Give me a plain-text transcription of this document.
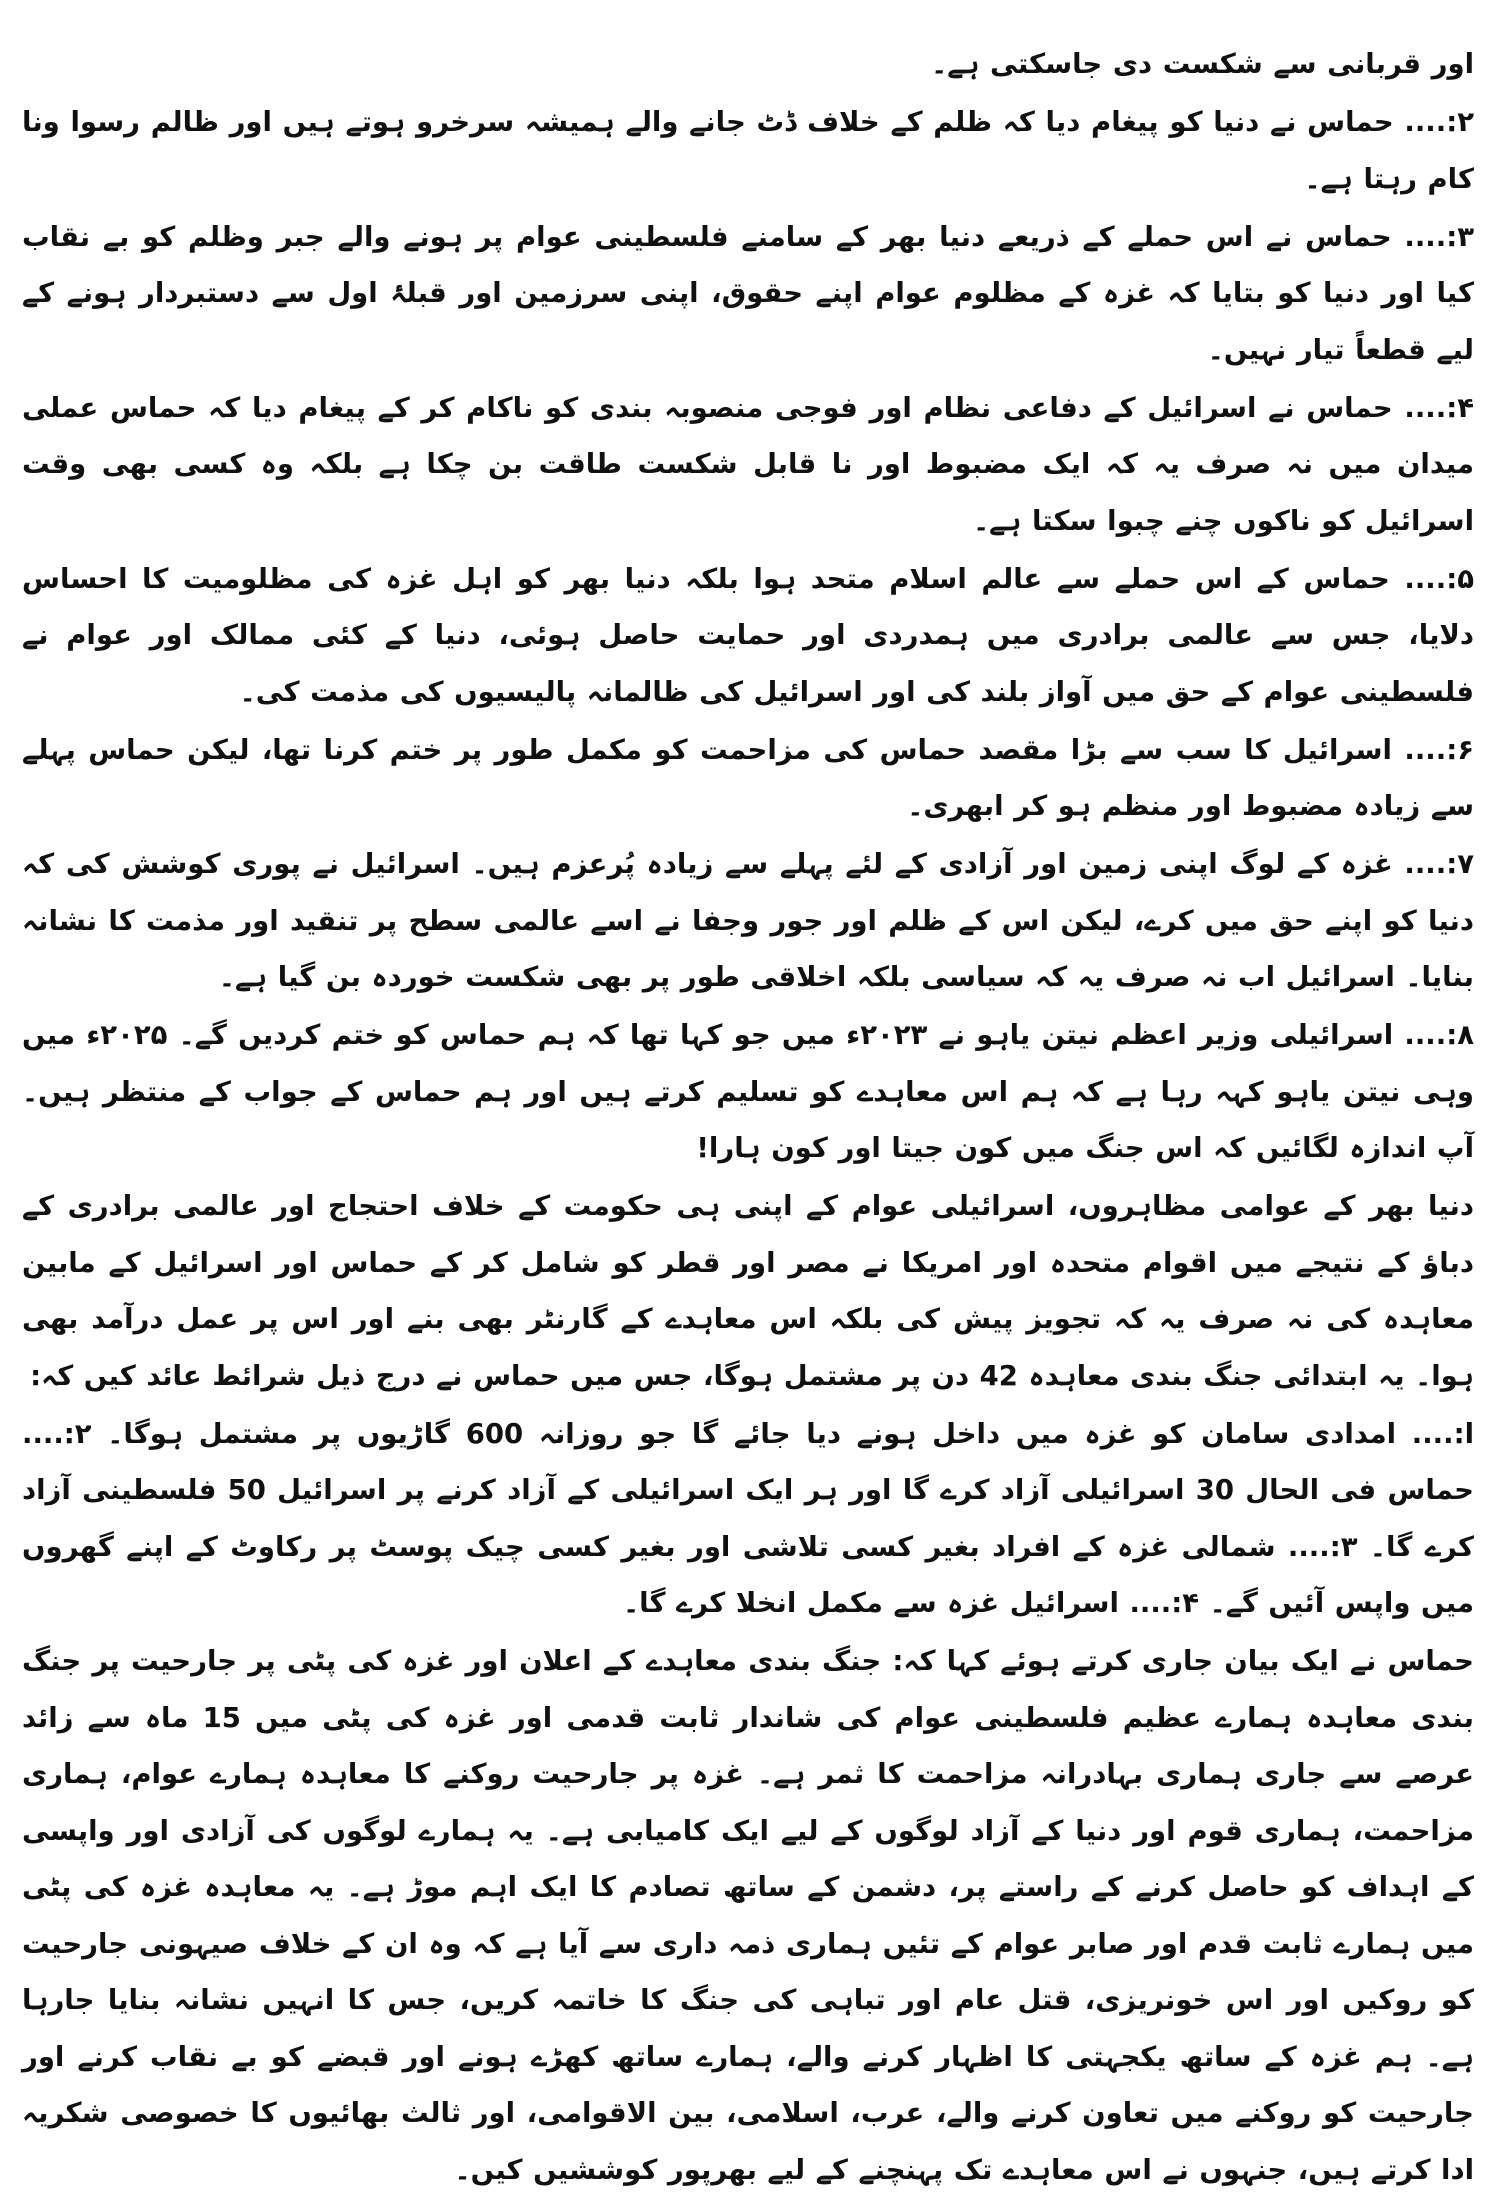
اور قربانی سے شکست دی جاسکتی ہے۔

۲:.... حماس نے دنیا کو پیغام دیا کہ ظلم کے خلاف ڈٹ جانے والے ہمیشہ سرخرو ہوتے ہیں اور ظالم رسوا ونا کام رہتا ہے۔

۳:.... حماس نے اس حملے کے ذریعے دنیا بھر کے سامنے فلسطینی عوام پر ہونے والے جبر وظلم کو بے نقاب کیا اور دنیا کو بتایا کہ غزہ کے مظلوم عوام اپنے حقوق، اپنی سرزمین اور قبلۂ اول سے دستبردار ہونے کے لیے قطعاً تیار نہیں۔

۴:.... حماس نے اسرائیل کے دفاعی نظام اور فوجی منصوبہ بندی کو ناکام کر کے پیغام دیا کہ حماس عملی میدان میں نہ صرف یہ کہ ایک مضبوط اور نا قابل شکست طاقت بن چکا ہے بلکہ وہ کسی بھی وقت اسرائیل کو ناکوں چنے چبوا سکتا ہے۔

۵:.... حماس کے اس حملے سے عالم اسلام متحد ہوا بلکہ دنیا بھر کو اہل غزہ کی مظلومیت کا احساس دلایا، جس سے عالمی برادری میں ہمدردی اور حمایت حاصل ہوئی، دنیا کے کئی ممالک اور عوام نے فلسطینی عوام کے حق میں آواز بلند کی اور اسرائیل کی ظالمانہ پالیسیوں کی مذمت کی۔

۶:.... اسرائیل کا سب سے بڑا مقصد حماس کی مزاحمت کو مکمل طور پر ختم کرنا تھا، لیکن حماس پہلے سے زیادہ مضبوط اور منظم ہو کر ابھری۔

۷:.... غزہ کے لوگ اپنی زمین اور آزادی کے لئے پہلے سے زیادہ پُرعزم ہیں۔ اسرائیل نے پوری کوشش کی کہ دنیا کو اپنے حق میں کرے، لیکن اس کے ظلم اور جور وجفا نے اسے عالمی سطح پر تنقید اور مذمت کا نشانہ بنایا۔ اسرائیل اب نہ صرف یہ کہ سیاسی بلکہ اخلاقی طور پر بھی شکست خوردہ بن گیا ہے۔

۸:.... اسرائیلی وزیر اعظم نیتن یاہو نے ۲۰۲۳ء میں جو کہا تھا کہ ہم حماس کو ختم کردیں گے۔ ۲۰۲۵ء میں وہی نیتن یاہو کہہ رہا ہے کہ ہم اس معاہدے کو تسلیم کرتے ہیں اور ہم حماس کے جواب کے منتظر ہیں۔ آپ اندازہ لگائیں کہ اس جنگ میں کون جیتا اور کون ہارا!

دنیا بھر کے عوامی مظاہروں، اسرائیلی عوام کے اپنی ہی حکومت کے خلاف احتجاج اور عالمی برادری کے دباؤ کے نتیجے میں اقوام متحدہ اور امریکا نے مصر اور قطر کو شامل کر کے حماس اور اسرائیل کے مابین معاہدہ کی نہ صرف یہ کہ تجویز پیش کی بلکہ اس معاہدے کے گارنٹر بھی بنے اور اس پر عمل درآمد بھی ہوا۔ یہ ابتدائی جنگ بندی معاہدہ 42 دن پر مشتمل ہوگا، جس میں حماس نے درج ذیل شرائط عائد کیں کہ:

ا:.... امدادی سامان کو غزہ میں داخل ہونے دیا جائے گا جو روزانہ 600 گاڑیوں پر مشتمل ہوگا۔ ۲:.... حماس فی الحال 30 اسرائیلی آزاد کرے گا اور ہر ایک اسرائیلی کے آزاد کرنے پر اسرائیل 50 فلسطینی آزاد کرے گا۔ ۳:.... شمالی غزہ کے افراد بغیر کسی تلاشی اور بغیر کسی چیک پوسٹ پر رکاوٹ کے اپنے گھروں میں واپس آئیں گے۔ ۴:.... اسرائیل غزہ سے مکمل انخلا کرے گا۔

حماس نے ایک بیان جاری کرتے ہوئے کہا کہ: جنگ بندی معاہدے کے اعلان اور غزہ کی پٹی پر جارحیت پر جنگ بندی معاہدہ ہمارے عظیم فلسطینی عوام کی شاندار ثابت قدمی اور غزہ کی پٹی میں 15 ماہ سے زائد عرصے سے جاری ہماری بہادرانہ مزاحمت کا ثمر ہے۔ غزہ پر جارحیت روکنے کا معاہدہ ہمارے عوام، ہماری مزاحمت، ہماری قوم اور دنیا کے آزاد لوگوں کے لیے ایک کامیابی ہے۔ یہ ہمارے لوگوں کی آزادی اور واپسی کے اہداف کو حاصل کرنے کے راستے پر، دشمن کے ساتھ تصادم کا ایک اہم موڑ ہے۔ یہ معاہدہ غزہ کی پٹی میں ہمارے ثابت قدم اور صابر عوام کے تئیں ہماری ذمہ داری سے آیا ہے کہ وہ ان کے خلاف صیہونی جارحیت کو روکیں اور اس خونریزی، قتل عام اور تباہی کی جنگ کا خاتمہ کریں، جس کا انہیں نشانہ بنایا جارہا ہے۔ ہم غزہ کے ساتھ یکجہتی کا اظہار کرنے والے، ہمارے ساتھ کھڑے ہونے اور قبضے کو بے نقاب کرنے اور جارحیت کو روکنے میں تعاون کرنے والے، عرب، اسلامی، بین الاقوامی، اور ثالث بھائیوں کا خصوصی شکریہ ادا کرتے ہیں، جنہوں نے اس معاہدے تک پہنچنے کے لیے بھرپور کوششیں کیں۔
